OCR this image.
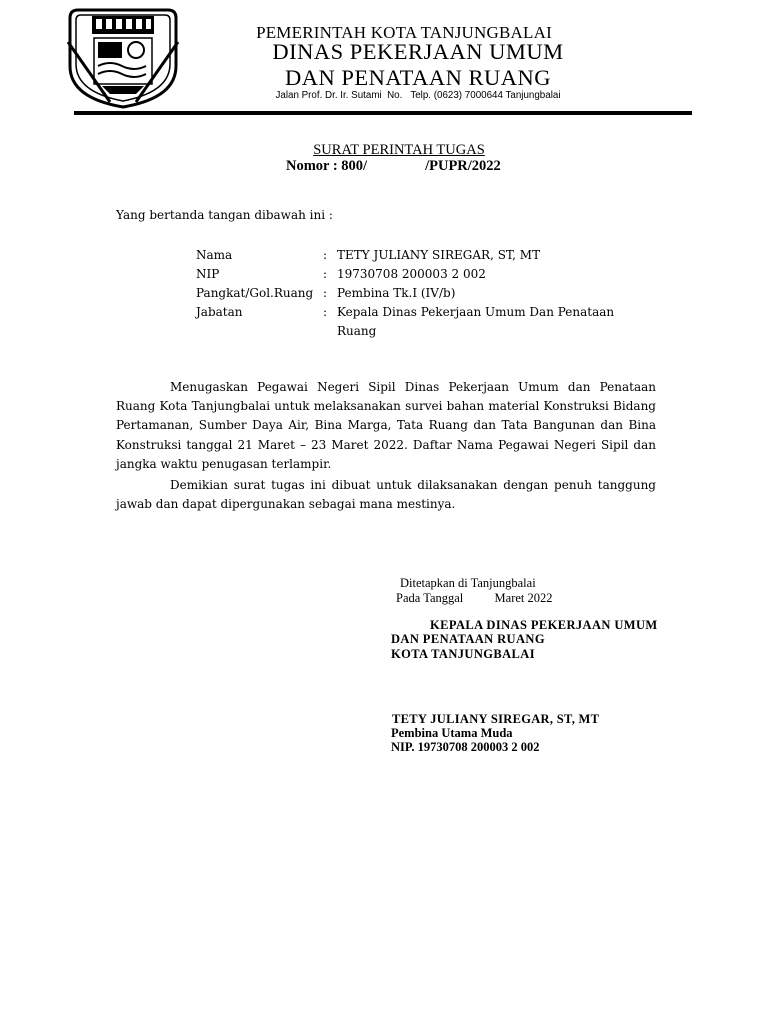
PEMERINTAH KOTA TANJUNGBALAI
DINAS PEKERJAAN UMUM
DAN PENATAAN RUANG
Jalan Prof. Dr. Ir. Sutami  No.   Telp. (0623) 7000644 Tanjungbalai
SURAT PERINTAH TUGAS
Nomor : 800/                /PUPR/2022
Yang bertanda tangan dibawah ini :
Nama	: TETY JULIANY SIREGAR, ST, MT
NIP	: 19730708 200003 2 002
Pangkat/Gol.Ruang : Pembina Tk.I (IV/b)
Jabatan	: Kepala Dinas Pekerjaan Umum Dan Penataan
Ruang
Menugaskan Pegawai Negeri Sipil Dinas Pekerjaan Umum dan Penataan Ruang Kota Tanjungbalai untuk melaksanakan survei bahan material Konstruksi Bidang Pertamanan, Sumber Daya Air, Bina Marga, Tata Ruang dan Tata Bangunan dan Bina Konstruksi tanggal 21 Maret – 23 Maret 2022. Daftar Nama Pegawai Negeri Sipil dan jangka waktu penugasan terlampir.
Demikian surat tugas ini dibuat untuk dilaksanakan dengan penuh tanggung jawab dan dapat dipergunakan sebagai mana mestinya.
Ditetapkan di Tanjungbalai
Pada Tanggal          Maret 2022
KEPALA DINAS PEKERJAAN UMUM
DAN PENATAAN RUANG
KOTA TANJUNGBALAI
TETY JULIANY SIREGAR, ST, MT
Pembina Utama Muda
NIP. 19730708 200003 2 002
